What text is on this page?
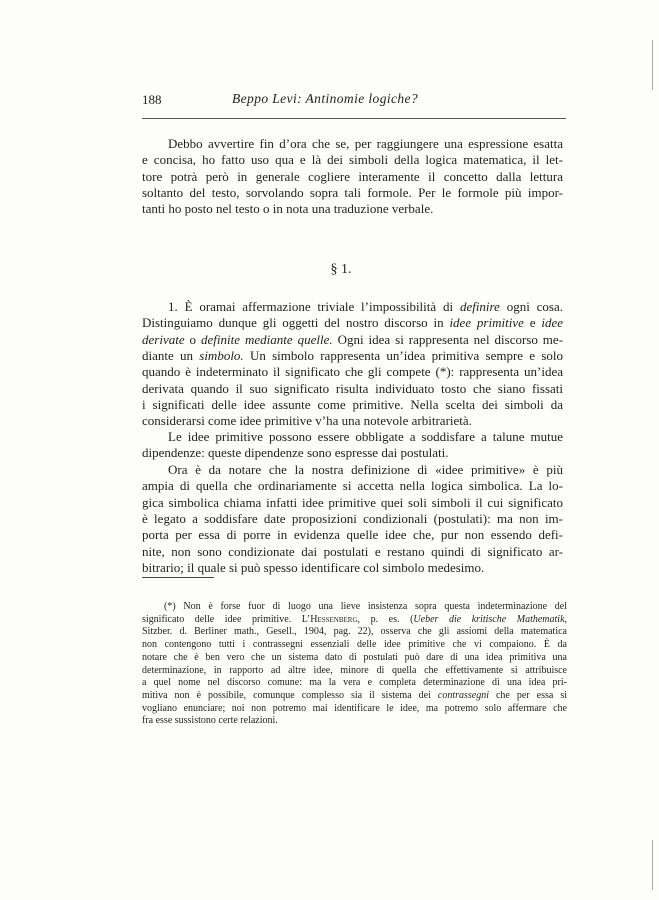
188	Beppo Levi: Antinomie logiche?
§ 1.
Debbo avvertire fin d’ora che se, per raggiungere una espressione esatta
e concisa, ho fatto uso qua e là dei simboli della logica matematica, il let-
tore potrà però in generale cogliere interamente il concetto dalla lettura
soltanto del testo, sorvolando sopra tali formole. Per le formole più impor-
tanti ho posto nel testo o in nota una traduzione verbale.
1. È oramai affermazione triviale l’impossibilità di definire ogni cosa.
Distinguiamo dunque gli oggetti del nostro discorso in idee primitive e idee
derivate o definite mediante quelle. Ogni idea si rappresenta nel discorso me-
diante un simbolo. Un simbolo rappresenta un’idea primitiva sempre e solo
quando è indeterminato il significato che gli compete (*): rappresenta un’idea
derivata quando il suo significato risulta individuato tosto che siano fissati
i significati delle idee assunte come primitive. Nella scelta dei simboli da
considerarsi come idee primitive v’ha una notevole arbitrarietà.
Le idee primitive possono essere obbligate a soddisfare a talune mutue
dipendenze: queste dipendenze sono espresse dai postulati.
Ora è da notare che la nostra definizione di «idee primitive» è più
ampia di quella che ordinariamente si accetta nella logica simbolica. La lo-
gica simbolica chiama infatti idee primitive quei soli simboli il cui significato
è legato a soddisfare date proposizioni condizionali (postulati): ma non im-
porta per essa di porre in evidenza quelle idee che, pur non essendo defi-
nite, non sono condizionate dai postulati e restano quindi di significato ar-
bitrario; il quale si può spesso identificare col simbolo medesimo.
(*) Non è forse fuor di luogo una lieve insistenza sopra questa indeterminazione del
significato delle idee primitive. L’Hessenberg, p. es. (Ueber die kritische Mathematik,
Sitzber. d. Berliner math., Gesell., 1904, pag. 22), osserva che gli assiomi della matematica
non contengono tutti i contrassegni essenziali delle idee primitive che vi compaiono. È da
notare che è ben vero che un sistema dato di postulati può dare di una idea primitiva una
determinazione, in rapporto ad altre idee, minore di quella che effettivamente si attribuisce
a quel nome nel discorso comune: ma la vera e completa determinazione di una idea pri-
mitiva non è possibile, comunque complesso sia il sistema dei contrassegni che per essa si
vogliano enunciare; noi non potremo mai identificare le idee, ma potremo solo affermare che
fra esse sussistono certe relazioni.
